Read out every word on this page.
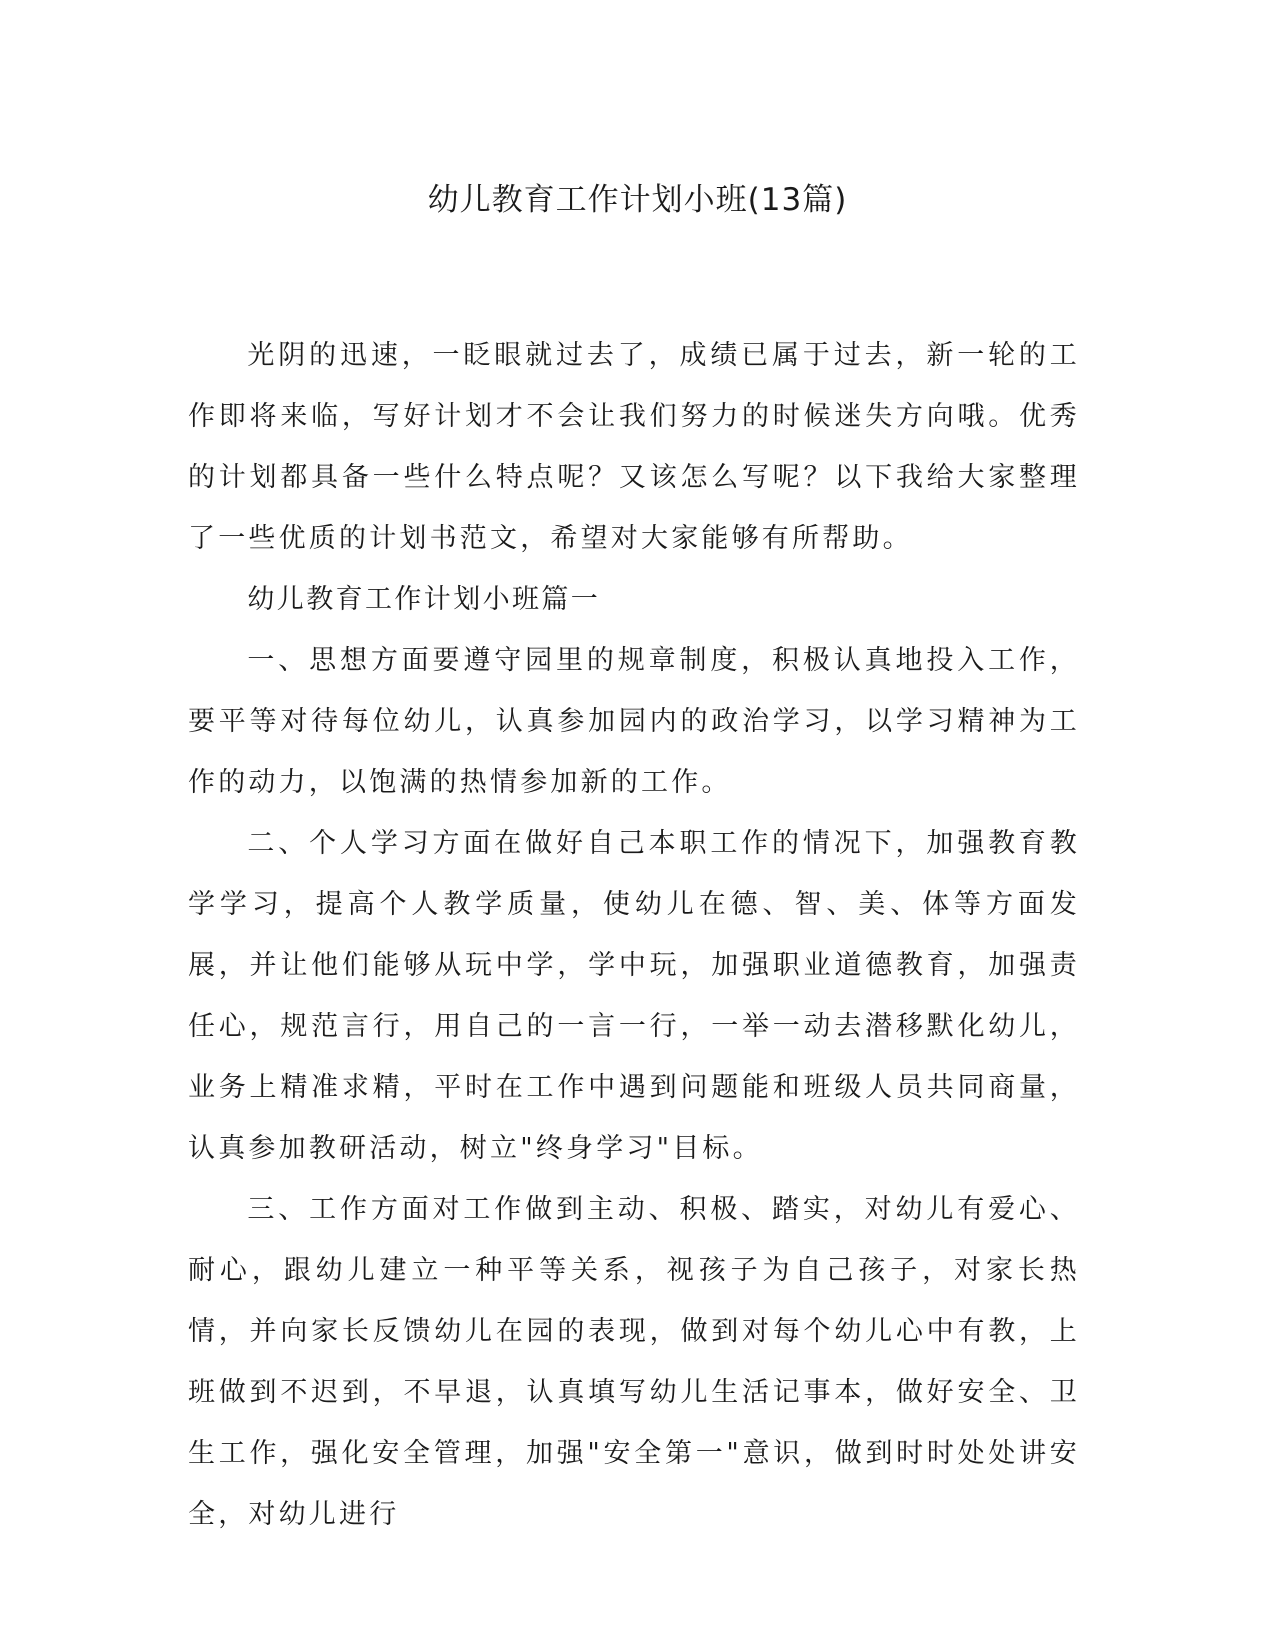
幼儿教育工作计划小班(13篇)

光阴的迅速，一眨眼就过去了，成绩已属于过去，新一轮的工作即将来临，写好计划才不会让我们努力的时候迷失方向哦。优秀的计划都具备一些什么特点呢？又该怎么写呢？以下我给大家整理了一些优质的计划书范文，希望对大家能够有所帮助。

幼儿教育工作计划小班篇一

一、思想方面要遵守园里的规章制度，积极认真地投入工作，要平等对待每位幼儿，认真参加园内的政治学习，以学习精神为工作的动力，以饱满的热情参加新的工作。

二、个人学习方面在做好自己本职工作的情况下，加强教育教学学习，提高个人教学质量，使幼儿在德、智、美、体等方面发展，并让他们能够从玩中学，学中玩，加强职业道德教育，加强责任心，规范言行，用自己的一言一行，一举一动去潜移默化幼儿，业务上精准求精，平时在工作中遇到问题能和班级人员共同商量，认真参加教研活动，树立"终身学习"目标。

三、工作方面对工作做到主动、积极、踏实，对幼儿有爱心、耐心，跟幼儿建立一种平等关系，视孩子为自己孩子，对家长热情，并向家长反馈幼儿在园的表现，做到对每个幼儿心中有教，上班做到不迟到，不早退，认真填写幼儿生活记事本，做好安全、卫生工作，强化安全管理，加强"安全第一"意识，做到时时处处讲安全，对幼儿进行
